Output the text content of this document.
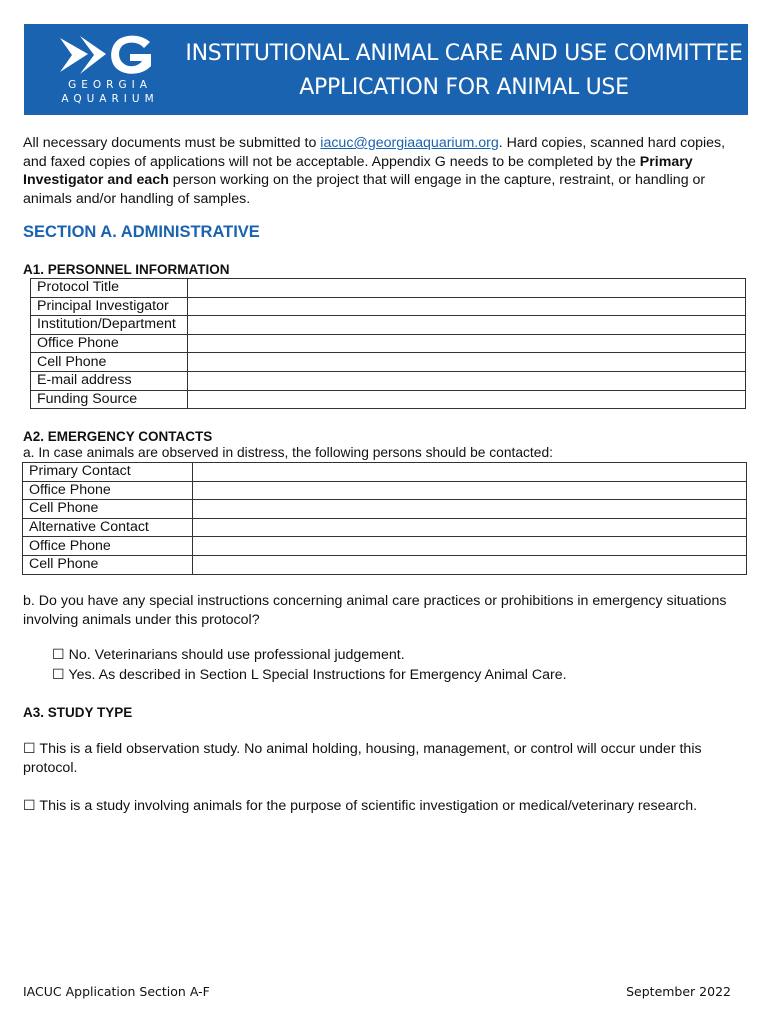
GEORGIA
AQUARIUM
INSTITUTIONAL ANIMAL CARE AND USE COMMITTEE
APPLICATION FOR ANIMAL USE
All necessary documents must be submitted to iacuc@georgiaaquarium.org. Hard copies, scanned hard copies, and faxed copies of applications will not be acceptable. Appendix G needs to be completed by the Primary Investigator and each person working on the project that will engage in the capture, restraint, or handling or animals and/or handling of samples.
SECTION A. ADMINISTRATIVE
A1. PERSONNEL INFORMATION
Protocol Title	
Principal Investigator	
Institution/Department	
Office Phone	
Cell Phone	
E-mail address	
Funding Source	
A2. EMERGENCY CONTACTS
a. In case animals are observed in distress, the following persons should be contacted:
Primary Contact	
Office Phone	
Cell Phone	
Alternative Contact	
Office Phone	
Cell Phone	
b. Do you have any special instructions concerning animal care practices or prohibitions in emergency situations involving animals under this protocol?
☐ No. Veterinarians should use professional judgement.
☐ Yes. As described in Section L Special Instructions for Emergency Animal Care.
A3. STUDY TYPE
☐ This is a field observation study. No animal holding, housing, management, or control will occur under this protocol.
☐ This is a study involving animals for the purpose of scientific investigation or medical/veterinary research.
IACUC Application Section A-F	September 2022
